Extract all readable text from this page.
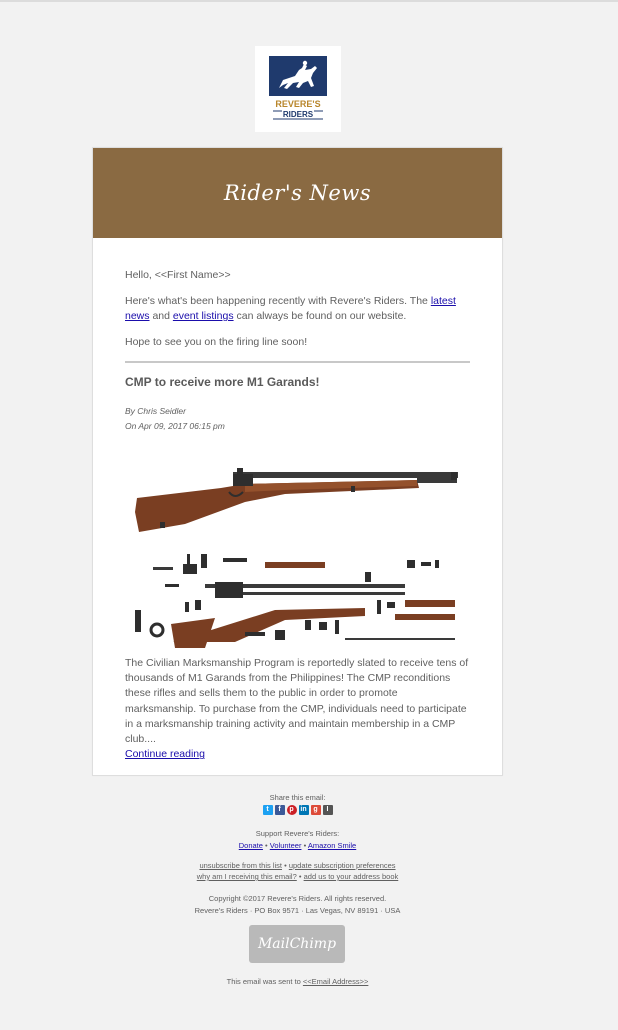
REVERE'S
RIDERS
Rider's News

Hello, <<First Name>>

Here's what's been happening recently with Revere's Riders. The latest news and event listings can always be found on our website.

Hope to see you on the firing line soon!

CMP to receive more M1 Garands!
By Chris Seidler
On Apr 09, 2017 06:15 pm
The Civilian Marksmanship Program is reportedly slated to receive tens of thousands of M1 Garands from the Philippines! The CMP reconditions these rifles and sells them to the public in order to promote marksmanship. To purchase from the CMP, individuals need to participate in a marksmanship training activity and maintain membership in a CMP club....
Continue reading
Share this email:
t	f	p in g	I
Support Revere's Riders:
Donate • Volunteer • Amazon Smile
unsubscribe from this list • update subscription preferences
why am I receiving this email? • add us to your address book
Copyright ©2017 Revere's Riders. All rights reserved.
Revere's Riders · PO Box 9571 · Las Vegas, NV 89191 · USA
MailChimp
This email was sent to <<Email Address>>
